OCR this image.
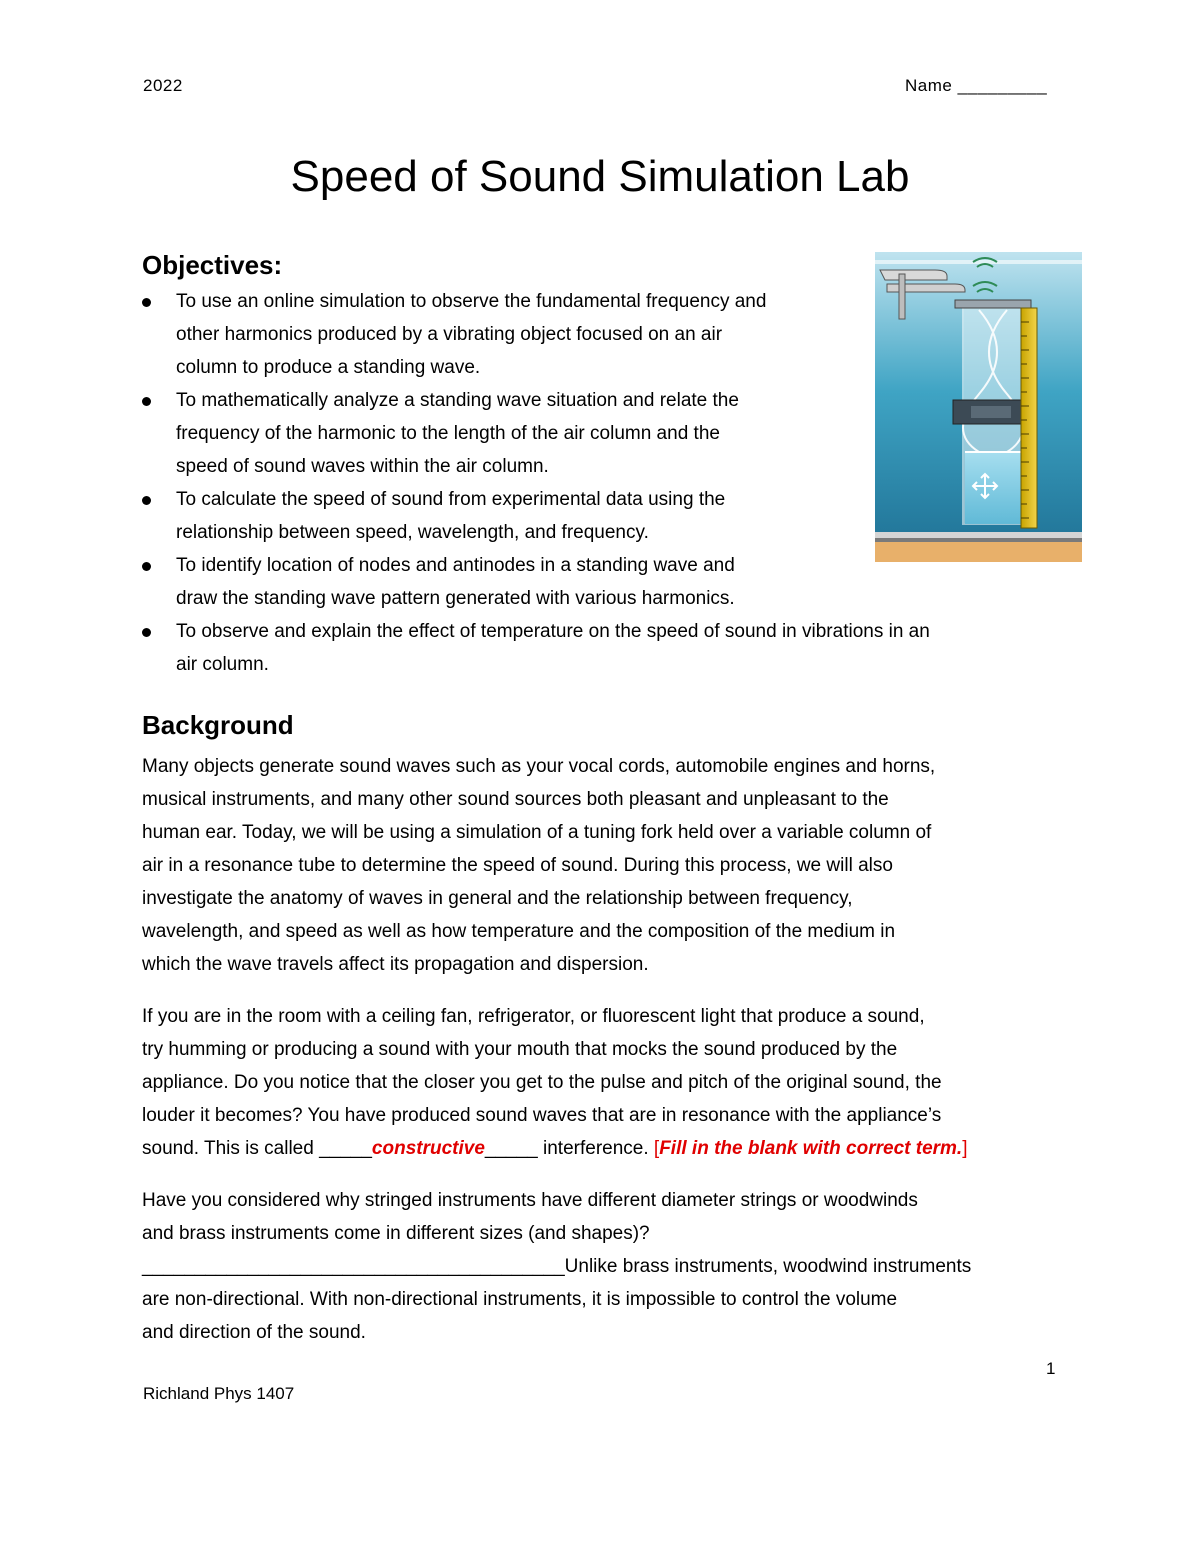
2022	Name _________
Speed of Sound Simulation Lab
Objectives:
To use an online simulation to observe the fundamental frequency and
other harmonics produced by a vibrating object focused on an air
column to produce a standing wave.
To mathematically analyze a standing wave situation and relate the
frequency of the harmonic to the length of the air column and the
speed of sound waves within the air column.
To calculate the speed of sound from experimental data using the
relationship between speed, wavelength, and frequency.
To identify location of nodes and antinodes in a standing wave and
draw the standing wave pattern generated with various harmonics.
To observe and explain the effect of temperature on the speed of sound in vibrations in an
air column.
Background
Many objects generate sound waves such as your vocal cords, automobile engines and horns,
musical instruments, and many other sound sources both pleasant and unpleasant to the
human ear. Today, we will be using a simulation of a tuning fork held over a variable column of
air in a resonance tube to determine the speed of sound. During this process, we will also
investigate the anatomy of waves in general and the relationship between frequency,
wavelength, and speed as well as how temperature and the composition of the medium in
which the wave travels affect its propagation and dispersion.
If you are in the room with a ceiling fan, refrigerator, or fluorescent light that produce a sound,
try humming or producing a sound with your mouth that mocks the sound produced by the
appliance. Do you notice that the closer you get to the pulse and pitch of the original sound, the
louder it becomes? You have produced sound waves that are in resonance with the appliance’s
sound. This is called _____constructive_____ interference. [Fill in the blank with correct term.]
Have you considered why stringed instruments have different diameter strings or woodwinds
and brass instruments come in different sizes (and shapes)?
________________________________________Unlike brass instruments, woodwind instruments
are non-directional. With non-directional instruments, it is impossible to control the volume
and direction of the sound.
1
Richland Phys 1407
